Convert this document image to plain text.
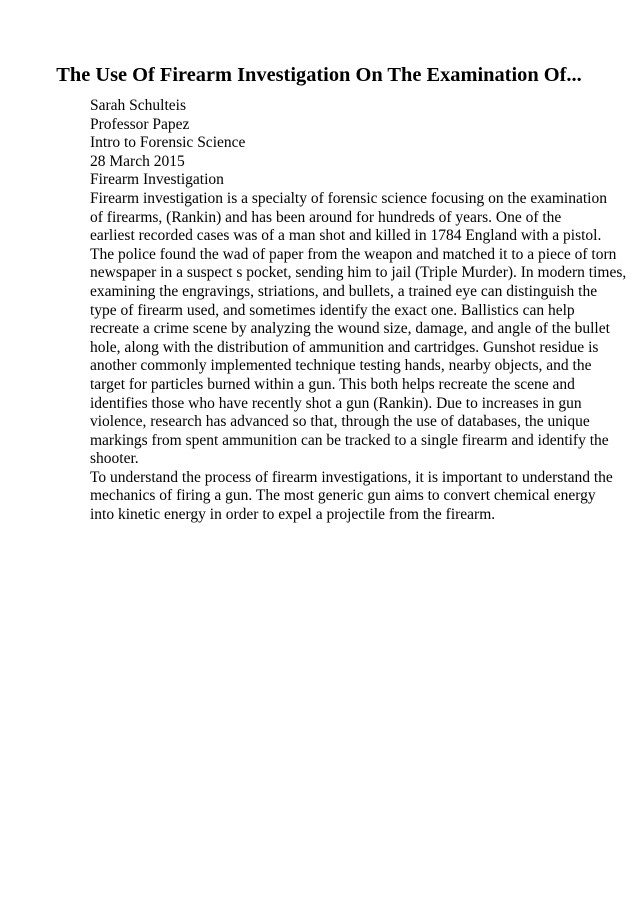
The Use Of Firearm Investigation On The Examination Of...
Sarah Schulteis
Professor Papez
Intro to Forensic Science
28 March 2015
Firearm Investigation
Firearm investigation is a specialty of forensic science focusing on the examination
of firearms, (Rankin) and has been around for hundreds of years. One of the
earliest recorded cases was of a man shot and killed in 1784 England with a pistol.
The police found the wad of paper from the weapon and matched it to a piece of torn
newspaper in a suspect s pocket, sending him to jail (Triple Murder). In modern times,
examining the engravings, striations, and bullets, a trained eye can distinguish the
type of firearm used, and sometimes identify the exact one. Ballistics can help
recreate a crime scene by analyzing the wound size, damage, and angle of the bullet
hole, along with the distribution of ammunition and cartridges. Gunshot residue is
another commonly implemented technique testing hands, nearby objects, and the
target for particles burned within a gun. This both helps recreate the scene and
identifies those who have recently shot a gun (Rankin). Due to increases in gun
violence, research has advanced so that, through the use of databases, the unique
markings from spent ammunition can be tracked to a single firearm and identify the
shooter.
To understand the process of firearm investigations, it is important to understand the
mechanics of firing a gun. The most generic gun aims to convert chemical energy
into kinetic energy in order to expel a projectile from the firearm.
